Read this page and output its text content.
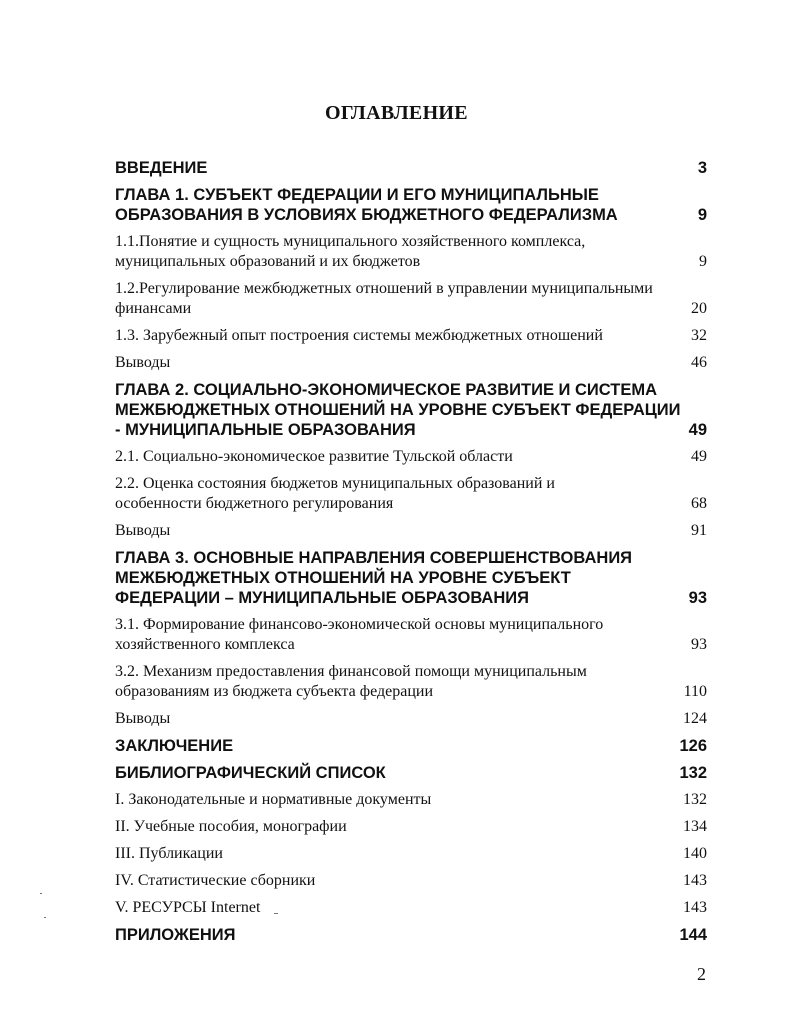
ОГЛАВЛЕНИЕ
ВВЕДЕНИЕ	3
ГЛАВА 1. СУБЪЕКТ ФЕДЕРАЦИИ И ЕГО МУНИЦИПАЛЬНЫЕ ОБРАЗОВАНИЯ В УСЛОВИЯХ БЮДЖЕТНОГО ФЕДЕРАЛИЗМА	9
1.1.Понятие и сущность муниципального хозяйственного комплекса, муниципальных образований и их бюджетов	9
1.2.Регулирование межбюджетных отношений в управлении муниципальными финансами	20
1.3. Зарубежный опыт построения системы межбюджетных отношений	32
Выводы	46
ГЛАВА 2. СОЦИАЛЬНО-ЭКОНОМИЧЕСКОЕ РАЗВИТИЕ И СИСТЕМА МЕЖБЮДЖЕТНЫХ ОТНОШЕНИЙ НА УРОВНЕ СУБЪЕКТ ФЕДЕРАЦИИ - МУНИЦИПАЛЬНЫЕ ОБРАЗОВАНИЯ	49
2.1. Социально-экономическое развитие Тульской области	49
2.2. Оценка состояния бюджетов муниципальных образований и особенности бюджетного регулирования	68
Выводы	91
ГЛАВА 3. ОСНОВНЫЕ НАПРАВЛЕНИЯ СОВЕРШЕНСТВОВАНИЯ МЕЖБЮДЖЕТНЫХ ОТНОШЕНИЙ НА УРОВНЕ СУБЪЕКТ ФЕДЕРАЦИИ – МУНИЦИПАЛЬНЫЕ ОБРАЗОВАНИЯ	93
3.1. Формирование финансово-экономической основы муниципального хозяйственного комплекса	93
3.2. Механизм предоставления финансовой помощи муниципальным образованиям из бюджета субъекта федерации	110
Выводы	124
ЗАКЛЮЧЕНИЕ	126
БИБЛИОГРАФИЧЕСКИЙ СПИСОК	132
I. Законодательные и нормативные документы	132
II. Учебные пособия, монографии	134
III. Публикации	140
IV. Статистические сборники	143
V. РЕСУРСЫ Internet	143
ПРИЛОЖЕНИЯ	144
2
